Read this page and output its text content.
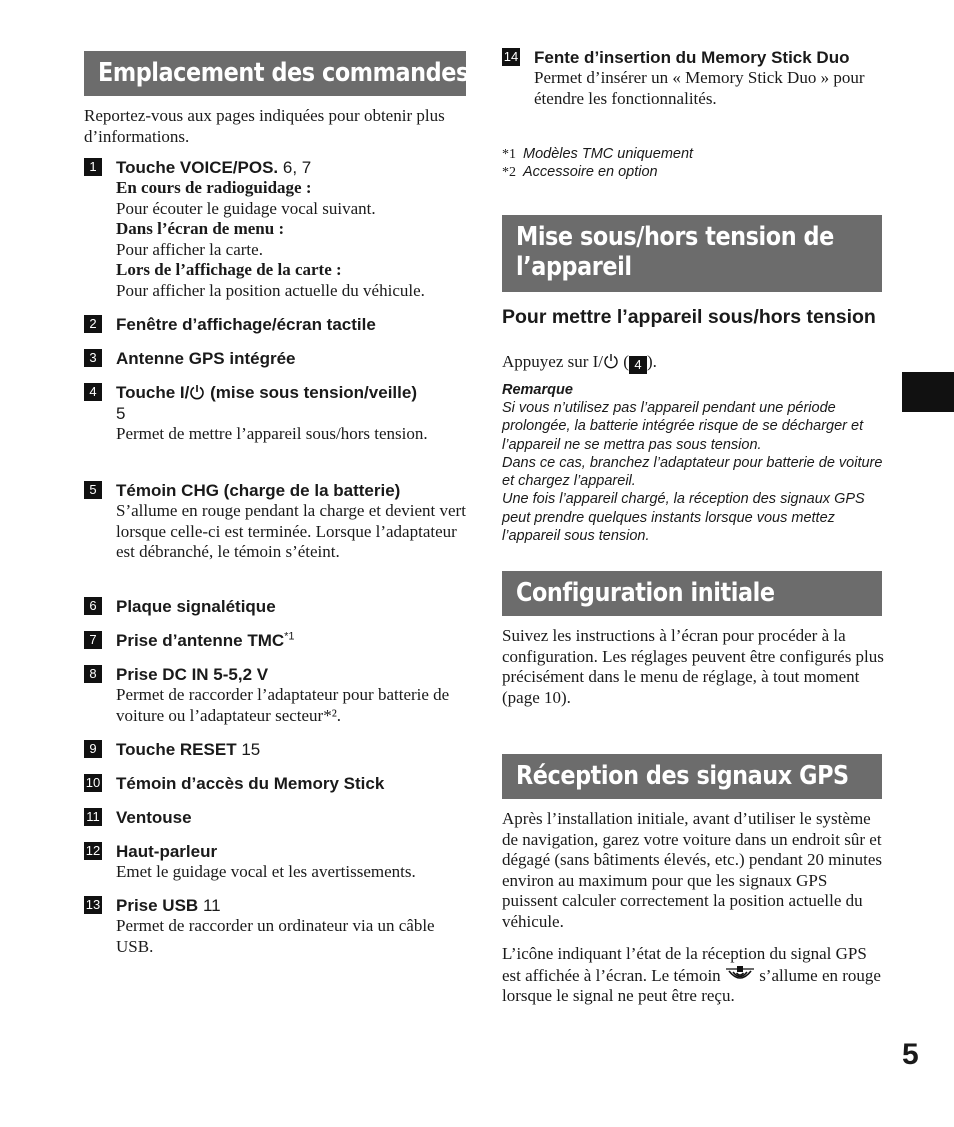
Emplacement des commandes
Reportez-vous aux pages indiquées pour obtenir plus d’informations.
1	Touche VOICE/POS. 6, 7
En cours de radioguidage :
Pour écouter le guidage vocal suivant.
Dans l’écran de menu :
Pour afficher la carte.
Lors de l’affichage de la carte :
Pour afficher la position actuelle du véhicule.
2	Fenêtre d’affichage/écran tactile
3	Antenne GPS intégrée
4	Touche I/ (mise sous tension/veille)
5
Permet de mettre l’appareil sous/hors tension.
5	Témoin CHG (charge de la batterie)
S’allume en rouge pendant la charge et devient vert lorsque celle-ci est terminée. Lorsque l’adaptateur est débranché, le témoin s’éteint.
6	Plaque signalétique
7	Prise d’antenne TMC$^{*1}$
8	Prise DC IN 5-5,2 V
Permet de raccorder l’adaptateur pour batterie de voiture ou l’adaptateur secteur*².
9	Touche RESET 15
10 Témoin d’accès du Memory Stick
11 Ventouse
12 Haut-parleur
Emet le guidage vocal et les avertissements.
13 Prise USB 11
Permet de raccorder un ordinateur via un câble USB.
14 Fente d’insertion du Memory Stick Duo
Permet d’insérer un « Memory Stick Duo » pour étendre les fonctionnalités.
*1 Modèles TMC uniquement
*2 Accessoire en option
Mise sous/hors tension de l’appareil
Pour mettre l’appareil sous/hors tension
Appuyez sur I/ ( 4 ).
Remarque
Si vous n’utilisez pas l’appareil pendant une période prolongée, la batterie intégrée risque de se décharger et l’appareil ne se mettra pas sous tension.
Dans ce cas, branchez l’adaptateur pour batterie de voiture et chargez l’appareil.
Une fois l’appareil chargé, la réception des signaux GPS peut prendre quelques instants lorsque vous mettez l’appareil sous tension.
Configuration initiale
Suivez les instructions à l’écran pour procéder à la configuration. Les réglages peuvent être configurés plus précisément dans le menu de réglage, à tout moment (page 10).
Réception des signaux GPS
Après l’installation initiale, avant d’utiliser le système de navigation, garez votre voiture dans un endroit sûr et dégagé (sans bâtiments élevés, etc.) pendant 20 minutes environ au maximum pour que les signaux GPS puissent calculer correctement la position actuelle du véhicule.
L’icône indiquant l’état de la réception du signal GPS est affichée à l’écran. Le témoin  s’allume en rouge lorsque le signal ne peut être reçu.
5
